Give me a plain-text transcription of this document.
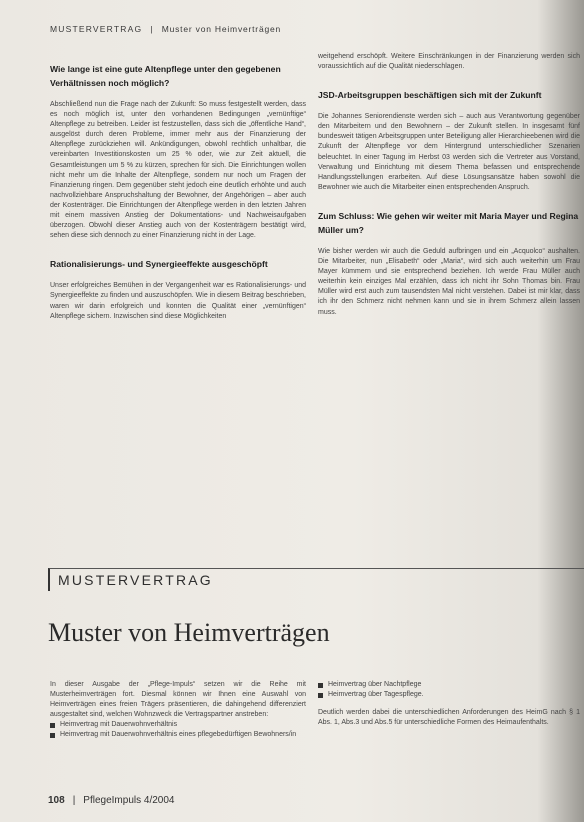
MUSTERVERTRAG | Muster von Heimverträgen
Wie lange ist eine gute Altenpflege unter den gegebenen Verhältnissen noch möglich?

Abschließend nun die Frage nach der Zukunft: So muss festgestellt werden, dass es noch möglich ist, unter den vorhandenen Bedingungen „vernünftige“ Altenpflege zu betreiben. Leider ist festzustellen, dass sich die „öffentliche Hand“, ausgelöst durch deren Probleme, immer mehr aus der Finanzierung der Altenpflege zurückziehen will. Ankündigungen, obwohl rechtlich unhaltbar, die vereinbarten Investitionskosten um 25 % oder, wie zur Zeit aktuell, die Gesamtleistungen um 5 % zu kürzen, sprechen für sich. Die Einrichtungen wollen nicht mehr um die Inhalte der Altenpflege, sondern nur noch um Fragen der Finanzierung ringen. Dem gegenüber steht jedoch eine deutlich erhöhte und auch nachvollziehbare Anspruchshaltung der Bewohner, der Angehörigen – aber auch der Kostenträger. Die Einrichtungen der Altenpflege werden in den letzten Jahren mit einem massiven Anstieg der Dokumentations- und Nachweisaufgaben überzogen. Obwohl dieser Anstieg auch von der Kostenträgern bestätigt wird, sehen diese sich dennoch zu einer Finanzierung nicht in der Lage.

Rationalisierungs- und Synergieeffekte ausgeschöpft

Unser erfolgreiches Bemühen in der Vergangenheit war es Rationalisierungs- und Synergieeffekte zu finden und auszuschöpfen. Wie in diesem Beitrag beschrieben, waren wir darin erfolgreich und konnten die Qualität einer „vernünftigen“ Altenpflege sichern. Inzwischen sind diese Möglichkeiten

weitgehend erschöpft. Weitere Einschränkungen in der Finanzierung werden sich voraussichtlich auf die Qualität niederschlagen.

JSD-Arbeitsgruppen beschäftigen sich mit der Zukunft

Die Johannes Seniorendienste werden sich – auch aus Verantwortung gegenüber den Mitarbeitern und den Bewohnern – der Zukunft stellen. In insgesamt fünf bundesweit tätigen Arbeitsgruppen unter Beteiligung aller Hierarchieebenen wird die Zukunft der Altenpflege vor dem Hintergrund unterschiedlicher Szenarien beleuchtet. In einer Tagung im Herbst 03 werden sich die Vertreter aus Vorstand, Verwaltung und Einrichtung mit diesem Thema befassen und entsprechende Handlungsstellungen erarbeiten. Auf diese Lösungsansätze haben sowohl die Bewohner wie auch die Mitarbeiter einen entsprechenden Anspruch.

Zum Schluss: Wie gehen wir weiter mit Maria Mayer und Regina Müller um?

Wie bisher werden wir auch die Geduld aufbringen und ein „Acquolco“ aushalten. Die Mitarbeiter, nun „Elisabeth“ oder „Maria“, wird sich auch weiterhin um Frau Mayer kümmern und sie entsprechend beziehen. Ich werde Frau Müller auch weiterhin kein einziges Mal erzählen, dass ich nicht ihr Sohn Thomas bin. Frau Müller wird erst auch zum tausendsten Mal nicht verstehen. Dabei ist mir klar, dass ich ihr den Schmerz nicht nehmen kann und sie in ihrem Schmerz allein lassen muss.

MUSTERVERTRAG
Muster von Heimverträgen

In dieser Ausgabe der „Pflege-Impuls“ setzen wir die Reihe mit Musterheimverträgen fort. Diesmal können wir Ihnen eine Auswahl von Heimverträgen eines freien Trägers präsentieren, die dahingehend differenziert ausgestaltet sind, welchen Wohnzweck die Vertragspartner anstreben:

Heimvertrag mit Dauerwohnverhältnis
Heimvertrag mit Dauerwohnverhältnis eines pflegebedürftigen Bewohners/in
Heimvertrag über Nachtpflege
Heimvertrag über Tagespflege.

Deutlich werden dabei die unterschiedlichen Anforderungen des HeimG nach § 1 Abs. 1, Abs.3 und Abs.5 für unterschiedliche Formen des Heimaufenthalts.

108 | PflegeImpuls 4/2004
